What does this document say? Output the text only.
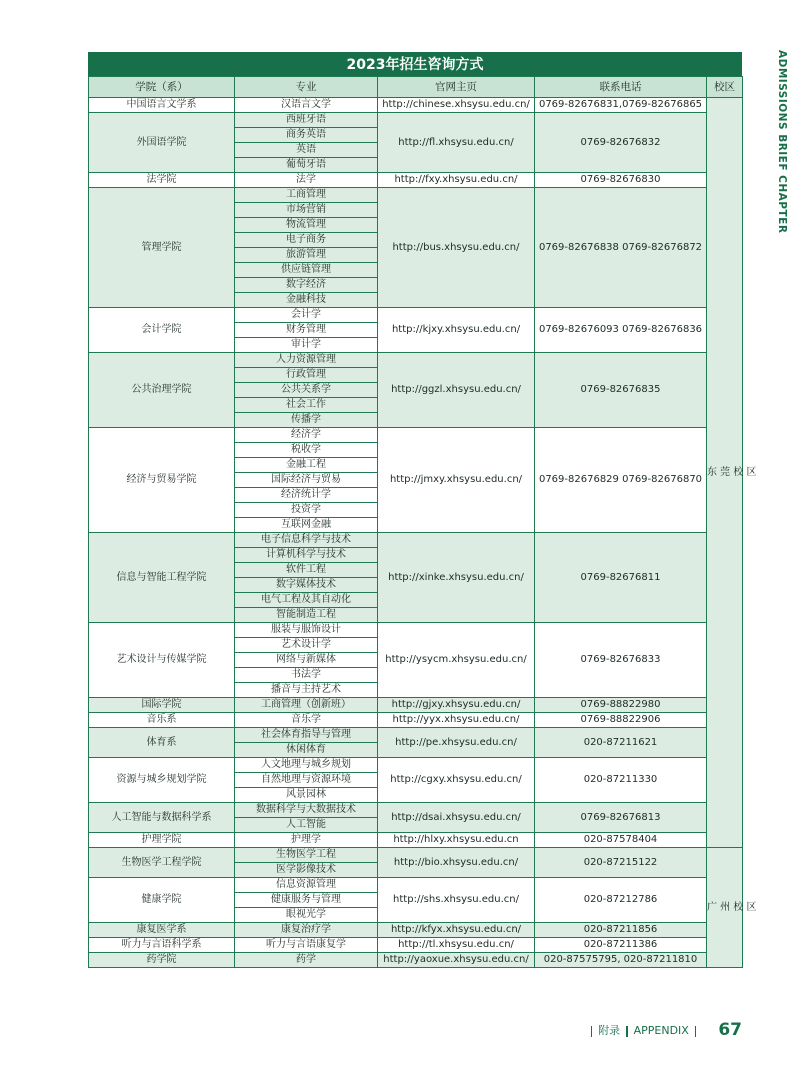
2023年招生咨询方式
学院（系）	专业	官网主页	联系电话	校区
中国语言文学系	汉语言文学	http://chinese.xhsysu.edu.cn/	0769-82676831,0769-82676865	东 莞 校 区
外国语学院	西班牙语	http://fl.xhsysu.edu.cn/	0769-82676832	
	商务英语			
	英语			
	葡萄牙语			
法学院	法学	http://fxy.xhsysu.edu.cn/	0769-82676830	
管理学院	工商管理	http://bus.xhsysu.edu.cn/	0769-82676838 0769-82676872	
	市场营销			
	物流管理			
	电子商务			
	旅游管理			
	供应链管理			
	数字经济			
	金融科技			
会计学院	会计学	http://kjxy.xhsysu.edu.cn/	0769-82676093 0769-82676836	
	财务管理			
	审计学			
公共治理学院	人力资源管理	http://ggzl.xhsysu.edu.cn/	0769-82676835	
	行政管理			
	公共关系学			
	社会工作			
	传播学			
经济与贸易学院	经济学	http://jmxy.xhsysu.edu.cn/	0769-82676829 0769-82676870	
	税收学			
	金融工程			
	国际经济与贸易			
	经济统计学			
	投资学			
	互联网金融			
信息与智能工程学院	电子信息科学与技术	http://xinke.xhsysu.edu.cn/	0769-82676811	
	计算机科学与技术			
	软件工程			
	数字媒体技术			
	电气工程及其自动化			
	智能制造工程			
艺术设计与传媒学院	服装与服饰设计	http://ysycm.xhsysu.edu.cn/	0769-82676833	
	艺术设计学			
	网络与新媒体			
	书法学			
	播音与主持艺术			
国际学院	工商管理（创新班）	http://gjxy.xhsysu.edu.cn/	0769-88822980	
音乐系	音乐学	http://yyx.xhsysu.edu.cn/	0769-88822906	
体育系	社会体育指导与管理	http://pe.xhsysu.edu.cn/	020-87211621	
	休闲体育			
资源与城乡规划学院	人文地理与城乡规划	http://cgxy.xhsysu.edu.cn/	020-87211330	
	自然地理与资源环境			
	风景园林			
人工智能与数据科学系	数据科学与大数据技术	http://dsai.xhsysu.edu.cn/	0769-82676813	
	人工智能			
护理学院	护理学	http://hlxy.xhsysu.edu.cn	020-87578404	
生物医学工程学院	生物医学工程	http://bio.xhsysu.edu.cn/	020-87215122	广 州 校 区
	医学影像技术			
健康学院	信息资源管理	http://shs.xhsysu.edu.cn/	020-87212786	
	健康服务与管理			
	眼视光学			
康复医学系	康复治疗学	http://kfyx.xhsysu.edu.cn/	020-87211856	
听力与言语科学系	听力与言语康复学	http://tl.xhsysu.edu.cn/	020-87211386	
药学院	药学	http://yaoxue.xhsysu.edu.cn/	020-87575795, 020-87211810	
ADMISSIONS BRIEF CHAPTER
附录 APPENDIX	67
